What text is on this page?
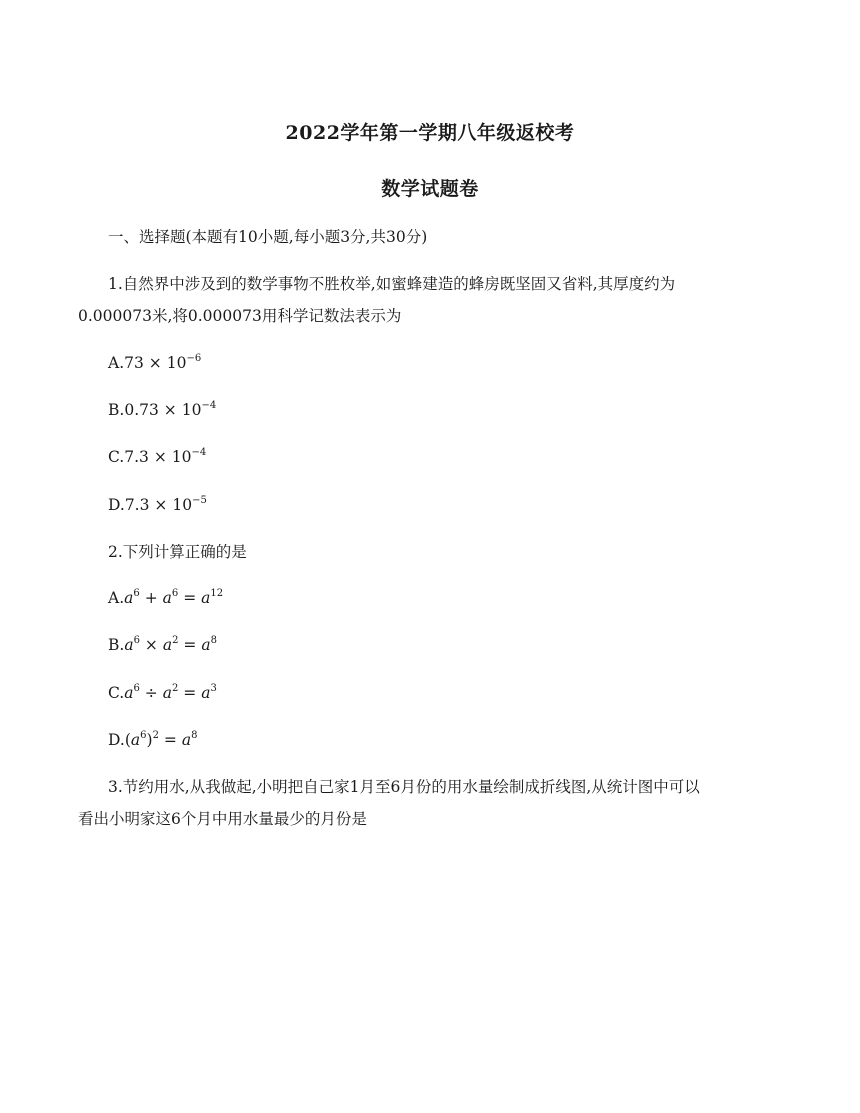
2022学年第一学期八年级返校考
数学试题卷
一、选择题(本题有10小题,每小题3分,共30分)
1.自然界中涉及到的数学事物不胜枚举,如蜜蜂建造的蜂房既坚固又省料,其厚度约为
0.000073米,将0.000073用科学记数法表示为
$A.73 \times 10^{-6}$
$B.0.73 \times 10^{-4}$
$C.7.3 \times 10^{-4}$
$D.7.3 \times 10^{-5}$
2.下列计算正确的是
$A.a^6 + a^6 = a^{12}$
$B.a^6 \times a^2 = a^8$
$C.a^6 \div a^2 = a^3$
$D.(a^6)^2 = a^8$
3.节约用水,从我做起,小明把自己家1月至6月份的用水量绘制成折线图,从统计图中可以
看出小明家这6个月中用水量最少的月份是
